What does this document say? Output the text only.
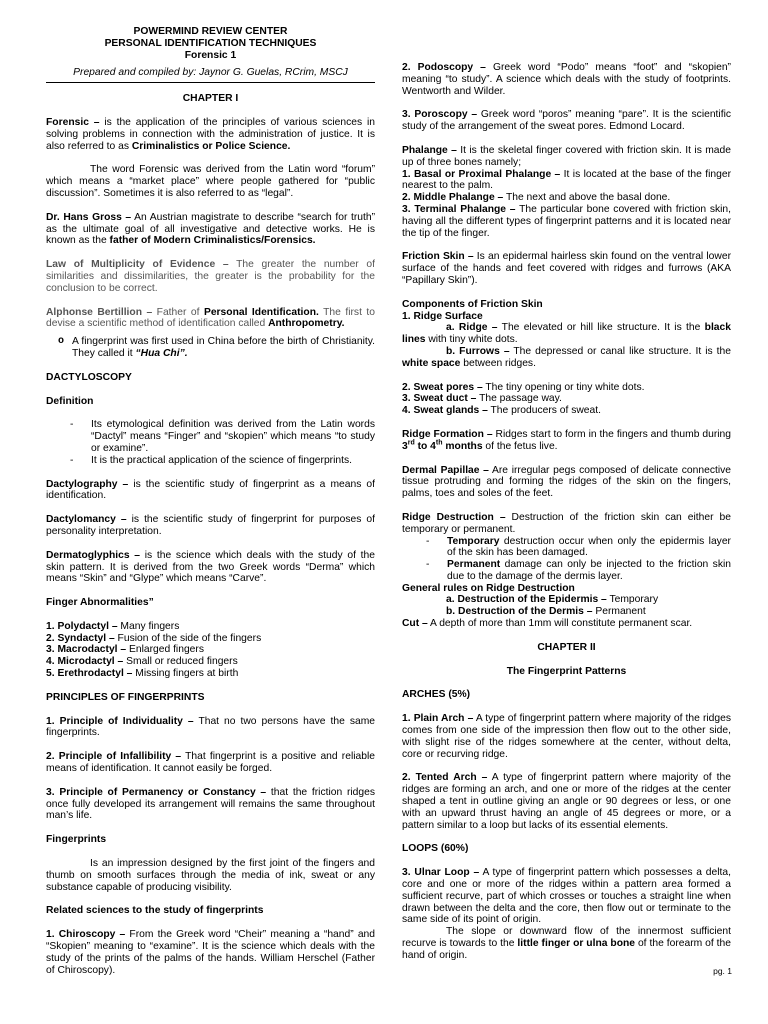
POWERMIND REVIEW CENTER

PERSONAL IDENTIFICATION TECHNIQUES

Forensic 1

Prepared and compiled by: Jaynor G. Guelas, RCrim, MSCJ

CHAPTER I

Forensic – is the application of the principles of various sciences in solving problems in connection with the administration of justice. It is also referred to as Criminalistics or Police Science.

The word Forensic was derived from the Latin word “forum” which means a “market place” where people gathered for “public discussion”. Sometimes it is also referred to as “legal”.

Dr. Hans Gross – An Austrian magistrate to describe “search for truth” as the ultimate goal of all investigative and detective works. He is known as the father of Modern Criminalistics/Forensics.

Law of Multiplicity of Evidence – The greater the number of similarities and dissimilarities, the greater is the probability for the conclusion to be correct.

Alphonse Bertillion – Father of Personal Identification. The first to devise a scientific method of identification called Anthropometry.

o A fingerprint was first used in China before the birth of Christianity. They called it “Hua Chi”.

DACTYLOSCOPY

Definition

- Its etymological definition was derived from the Latin words “Dactyl” means “Finger” and “skopien” which means “to study or examine”.

- It is the practical application of the science of fingerprints.

Dactylography – is the scientific study of fingerprint as a means of identification.

Dactylomancy – is the scientific study of fingerprint for purposes of personality interpretation.

Dermatoglyphics – is the science which deals with the study of the skin pattern. It is derived from the two Greek words “Derma” which means “Skin” and “Glype” which means “Carve”.

Finger Abnormalities”

1. Polydactyl – Many fingers

2. Syndactyl – Fusion of the side of the fingers

3. Macrodactyl – Enlarged fingers

4. Microdactyl – Small or reduced fingers

5. Erethrodactyl – Missing fingers at birth

PRINCIPLES OF FINGERPRINTS

1. Principle of Individuality – That no two persons have the same fingerprints.

2. Principle of Infallibility – That fingerprint is a positive and reliable means of identification. It cannot easily be forged.

3. Principle of Permanency or Constancy – that the friction ridges once fully developed its arrangement will remains the same throughout man’s life.

Fingerprints

Is an impression designed by the first joint of the fingers and thumb on smooth surfaces through the media of ink, sweat or any substance capable of producing visibility.

Related sciences to the study of fingerprints

1. Chiroscopy – From the Greek word “Cheir” meaning a “hand” and “Skopien” meaning to “examine”. It is the science which deals with the study of the prints of the palms of the hands. William Herschel (Father of Chiroscopy).

2. Podoscopy – Greek word “Podo” means “foot” and “skopien” meaning “to study”. A science which deals with the study of footprints. Wentworth and Wilder.

3. Poroscopy – Greek word “poros” meaning “pare”. It is the scientific study of the arrangement of the sweat pores. Edmond Locard.

Phalange – It is the skeletal finger covered with friction skin. It is made up of three bones namely;

1. Basal or Proximal Phalange – It is located at the base of the finger nearest to the palm.

2. Middle Phalange – The next and above the basal done.

3. Terminal Phalange – The particular bone covered with friction skin, having all the different types of fingerprint patterns and it is located near the tip of the finger.

Friction Skin – Is an epidermal hairless skin found on the ventral lower surface of the hands and feet covered with ridges and furrows (AKA “Papillary Skin”).

Components of Friction Skin

1. Ridge Surface

a. Ridge – The elevated or hill like structure. It is the black lines with tiny white dots.

b. Furrows – The depressed or canal like structure. It is the white space between ridges.

2. Sweat pores – The tiny opening or tiny white dots.

3. Sweat duct – The passage way.

4. Sweat glands – The producers of sweat.

Ridge Formation – Ridges start to form in the fingers and thumb during 3rd to 4th months of the fetus live.

Dermal Papillae – Are irregular pegs composed of delicate connective tissue protruding and forming the ridges of the skin on the fingers, palms, toes and soles of the feet.

Ridge Destruction – Destruction of the friction skin can either be temporary or permanent.

- Temporary destruction occur when only the epidermis layer of the skin has been damaged.

- Permanent damage can only be injected to the friction skin due to the damage of the dermis layer.

General rules on Ridge Destruction

a. Destruction of the Epidermis – Temporary

b. Destruction of the Dermis – Permanent

Cut – A depth of more than 1mm will constitute permanent scar.

CHAPTER II

The Fingerprint Patterns

ARCHES (5%)

1. Plain Arch – A type of fingerprint pattern where majority of the ridges comes from one side of the impression then flow out to the other side, with slight rise of the ridges somewhere at the center, without delta, core or recurving ridge.

2. Tented Arch – A type of fingerprint pattern where majority of the ridges are forming an arch, and one or more of the ridges at the center shaped a tent in outline giving an angle or 90 degrees or less, or one with an upward thrust having an angle of 45 degrees or more, or a pattern similar to a loop but lacks of its essential elements.

LOOPS (60%)

3. Ulnar Loop – A type of fingerprint pattern which possesses a delta, core and one or more of the ridges within a pattern area formed a sufficient recurve, part of which crosses or touches a straight line when drawn between the delta and the core, then flow out or terminate to the same side of its point of origin.

The slope or downward flow of the innermost sufficient recurve is towards to the little finger or ulna bone of the forearm of the hand of origin.

pg. 1
